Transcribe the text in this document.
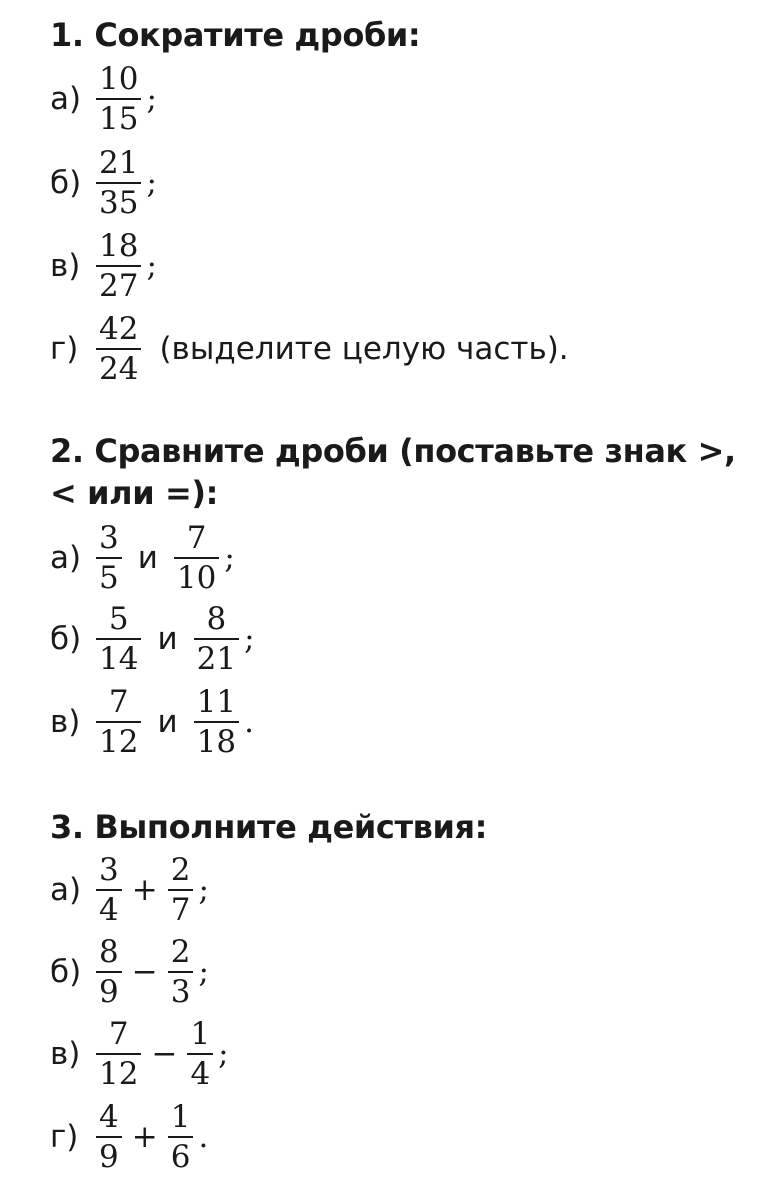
1. Сократите дроби:
$а) \frac{10}{15}$ ;
$б) \frac{21}{35}$ ;
$в) \frac{18}{27}$ ;
$г) \frac{42}{24}$ (выделите целую часть).
2. Сравните дроби (поставьте знак >, < или =):
$а) \frac{3}{5}$ и $\frac{7}{10}$ ;
$б) \frac{5}{14}$ и $\frac{8}{21}$ ;
$в) \frac{7}{12}$ и $\frac{11}{18}$ .
3. Выполните действия:
$а) \frac{3}{4} + \frac{2}{7}$ ;
$б) \frac{8}{9} - \frac{2}{3}$ ;
$в) \frac{7}{12} - \frac{1}{4}$ ;
$г) \frac{4}{9} + \frac{1}{6}$ .
